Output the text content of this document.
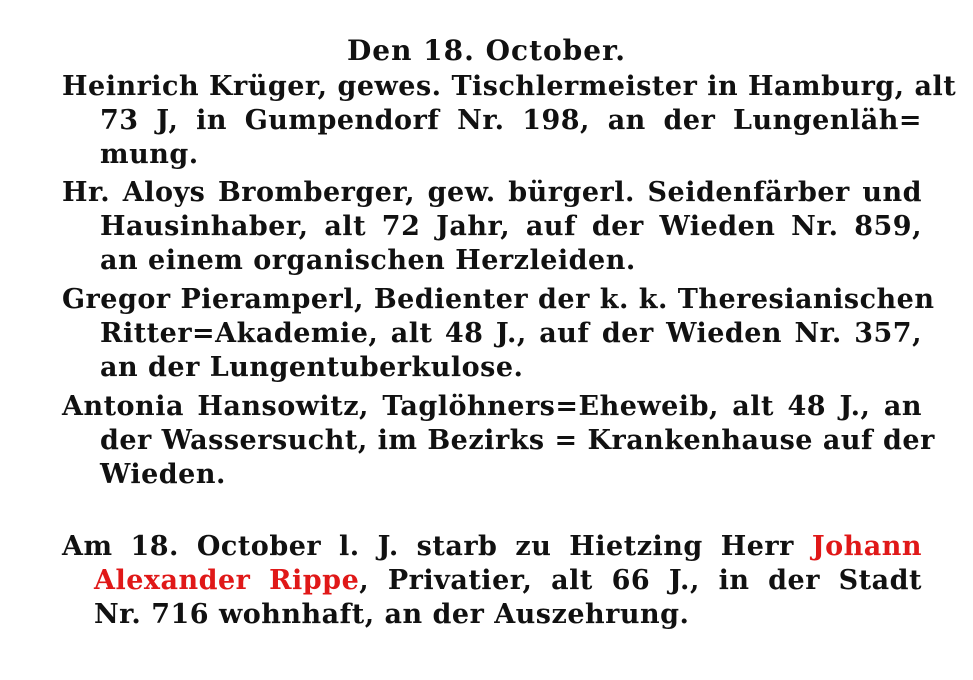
Den 18. October.
Heinrich Krüger, gewes. Tischlermeister in Hamburg, alt
73 J, in Gumpendorf Nr. 198, an der Lungenläh=
mung.
Hr. Aloys Bromberger, gew. bürgerl. Seidenfärber und
Hausinhaber, alt 72 Jahr, auf der Wieden Nr. 859,
an einem organischen Herzleiden.
Gregor Pieramperl, Bedienter der k. k. Theresianischen
Ritter=Akademie, alt 48 J., auf der Wieden Nr. 357,
an der Lungentuberkulose.
Antonia Hansowitz, Taglöhners=Eheweib, alt 48 J., an
der Wassersucht, im Bezirks = Krankenhause auf der
Wieden.
Am 18. October l. J. starb zu Hietzing Herr Johann
Alexander Rippe, Privatier, alt 66 J., in der Stadt
Nr. 716 wohnhaft, an der Auszehrung.
